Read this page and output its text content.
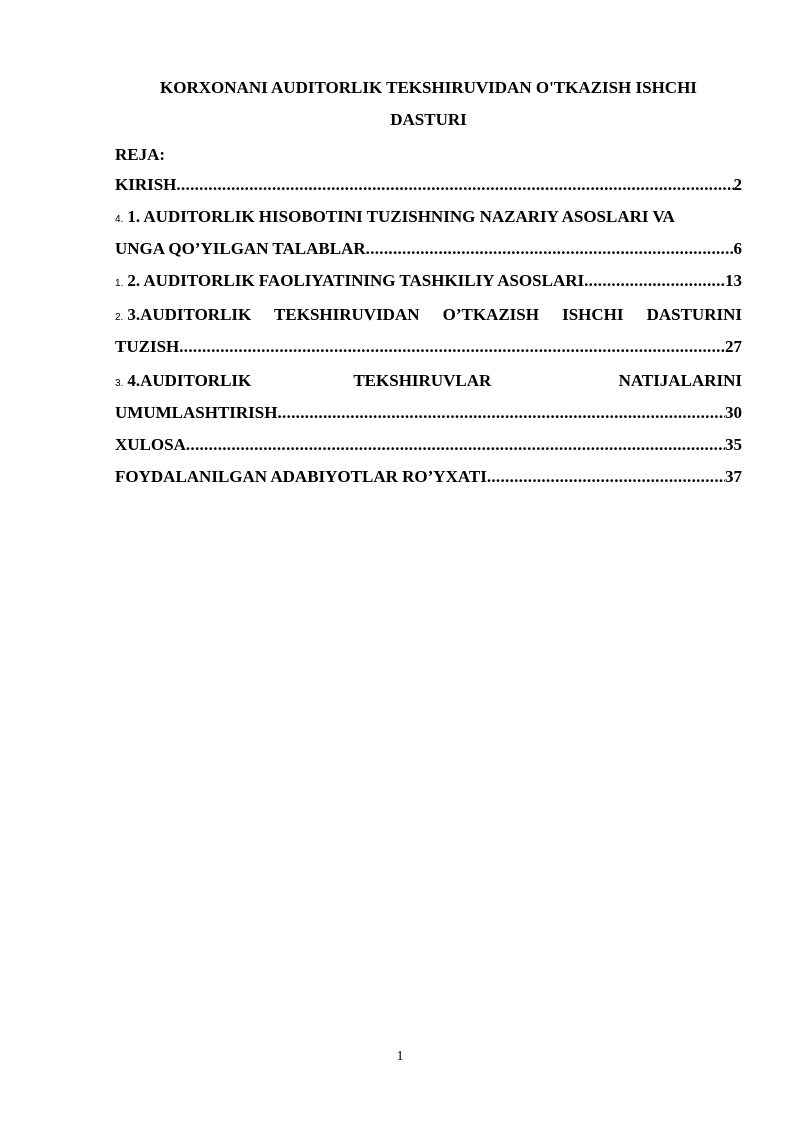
KORXONANI AUDITORLIK TEKSHIRUVIDAN O'TKAZISH ISHCHI
DASTURI
REJA:
KIRISH .....	2
4. 1. AUDITORLIK HISOBOTINI TUZISHNING NAZARIY ASOSLARI VA
UNGA QO’YILGAN TALABLAR .....	6
1. 2. AUDITORLIK FAOLIYATINING TASHKILIY ASOSLARI .....	13
2. 3.AUDITORLIK TEKSHIRUVIDAN O’TKAZISH ISHCHI DASTURINI
TUZISH .....	27
3. 4.AUDITORLIK	TEKSHIRUVLAR	NATIJALARINI
UMUMLASHTIRISH .....	30
XULOSA .....	35
FOYDALANILGAN ADABIYOTLAR RO’YXATI .....	37
1
